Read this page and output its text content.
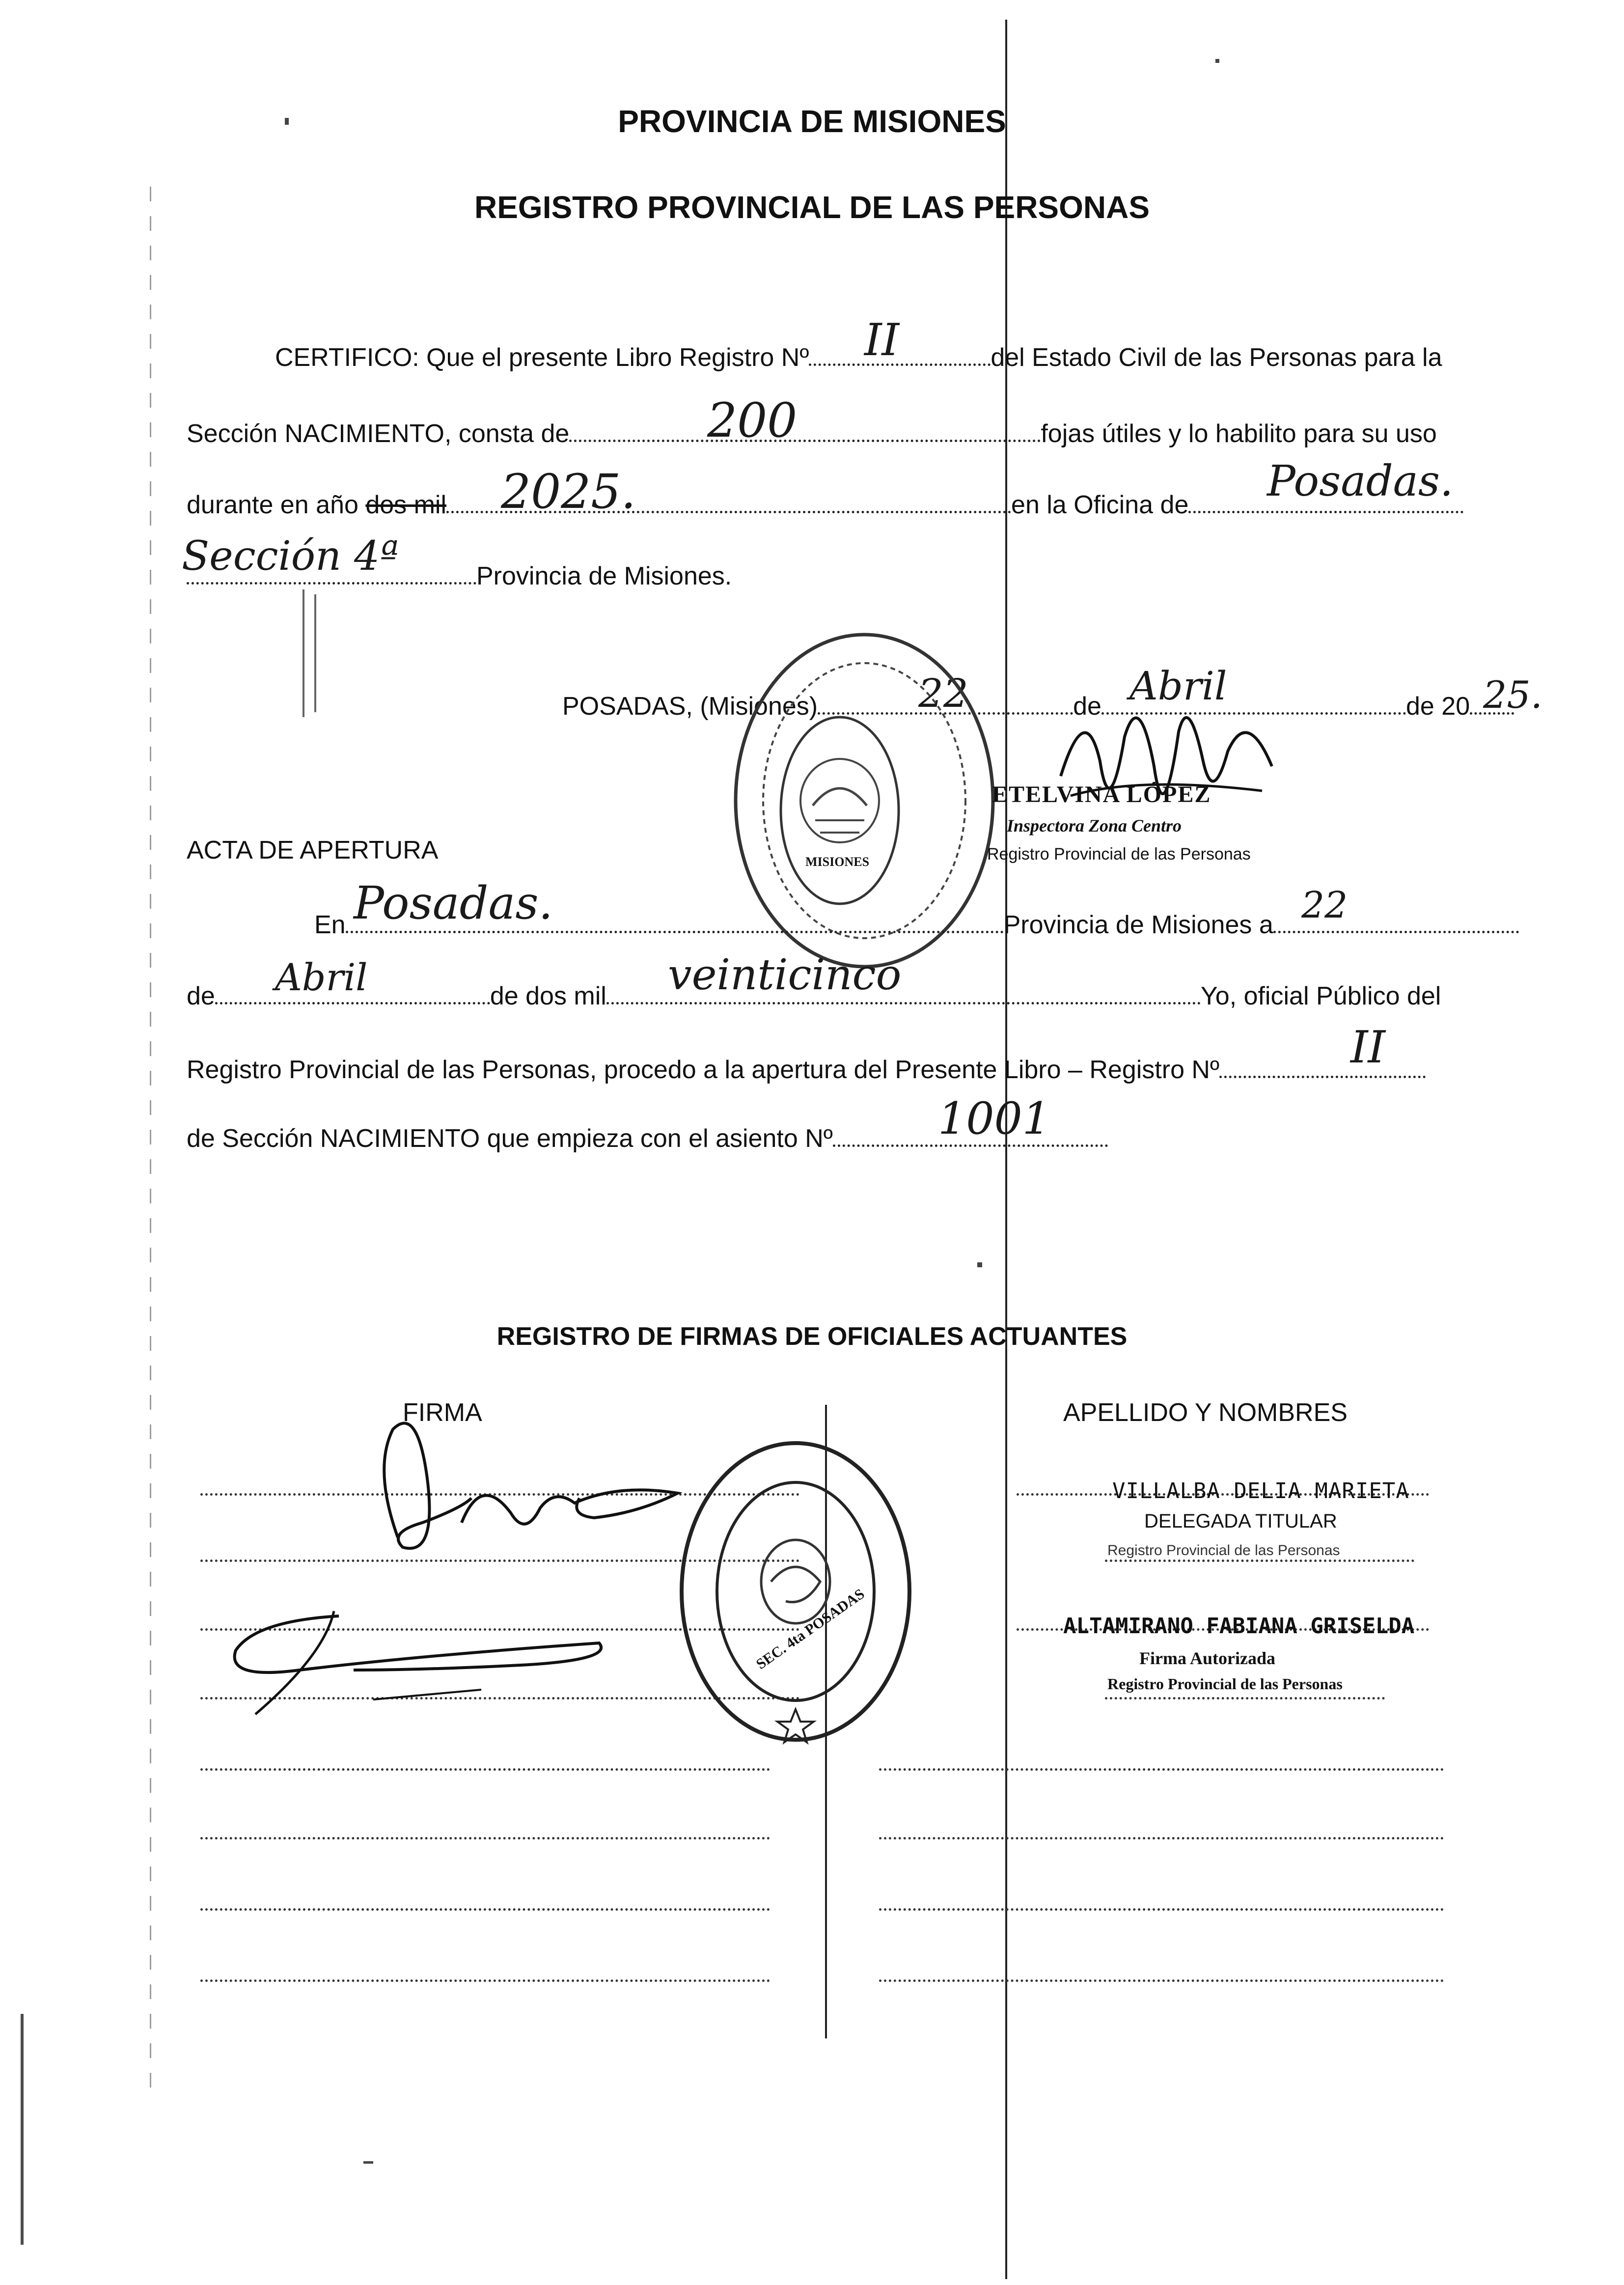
PROVINCIA DE MISIONES
REGISTRO PROVINCIAL DE LAS PERSONAS
CERTIFICO: Que el presente Libro Registro Nº	del Estado Civil de las Personas para la
II
Sección NACIMIENTO, consta de	fojas útiles y lo habilito para su uso
200
durante en año dos mil	en la Oficina de
2025.	Posadas.
Provincia de Misiones.
Sección 4ª
POSADAS, (Misiones)	de	de 20
22	Abril	25.
MISIONES
ETELVINA LÓPEZ
Inspectora Zona Centro
Registro Provincial de las Personas
ACTA DE APERTURA
En	Provincia de Misiones a
Posadas.	22
de	de dos mil	Yo, oficial Público del
Abril	veinticinco
Registro Provincial de las Personas, procedo a la apertura del Presente Libro – Registro Nº	II
de Sección NACIMIENTO que empieza con el asiento Nº	1001
REGISTRO DE FIRMAS DE OFICIALES ACTUANTES
FIRMA	APELLIDO Y NOMBRES
SEC. 4ta POSADAS
VILLALBA DELIA MARIETA
DELEGADA TITULAR
Registro Provincial de las Personas
ALTAMIRANO FABIANA GRISELDA
Firma Autorizada
Registro Provincial de las Personas
